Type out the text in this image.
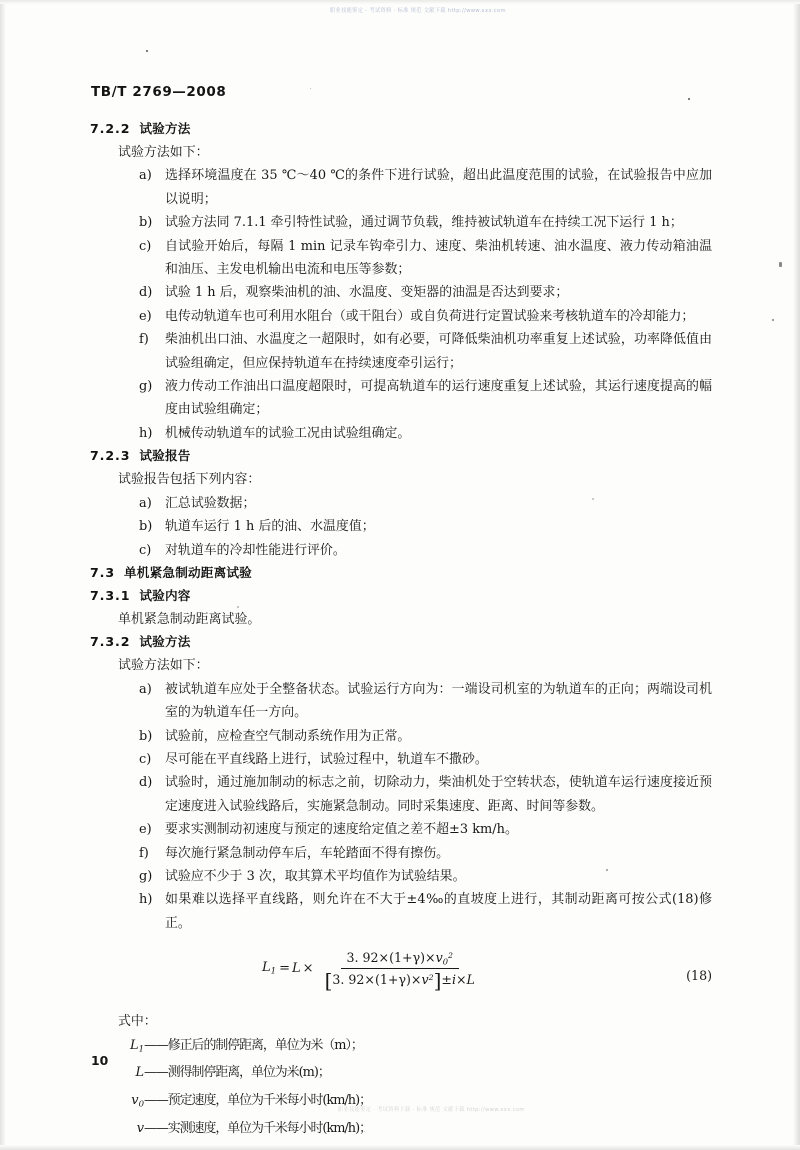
职业技能鉴定 - 考试资料 · 标准 规范 文献下载 http://www.xxx.com
职业技能鉴定 · 考试资料下载 · 标准 规范 文献下载 http://www.xxx.com
TB/T 2769—2008
7.2.2 试验方法

试验方法如下：

a) 选择环境温度在 35 ℃～40 ℃的条件下进行试验，超出此温度范围的试验，在试验报告中应加以说明；
b) 试验方法同 7.1.1 牵引特性试验，通过调节负载，维持被试轨道车在持续工况下运行 1 h；
c) 自试验开始后，每隔 1 min 记录车钩牵引力、速度、柴油机转速、油水温度、液力传动箱油温和油压、主发电机输出电流和电压等参数；
d) 试验 1 h 后，观察柴油机的油、水温度、变矩器的油温是否达到要求；
e) 电传动轨道车也可利用水阻台（或干阻台）或自负荷进行定置试验来考核轨道车的冷却能力；
f) 柴油机出口油、水温度之一超限时，如有必要，可降低柴油机功率重复上述试验，功率降低值由试验组确定，但应保持轨道车在持续速度牵引运行；
g) 液力传动工作油出口温度超限时，可提高轨道车的运行速度重复上述试验，其运行速度提高的幅度由试验组确定；
h) 机械传动轨道车的试验工况由试验组确定。
7.2.3 试验报告

试验报告包括下列内容：

a) 汇总试验数据；
b) 轨道车运行 1 h 后的油、水温度值；
c) 对轨道车的冷却性能进行评价。
7.3 单机紧急制动距离试验
7.3.1 试验内容

单机紧急制动距离试验。

7.3.2 试验方法

试验方法如下：

a) 被试轨道车应处于全整备状态。试验运行方向为：一端设司机室的为轨道车的正向；两端设司机室的为轨道车任一方向。
b) 试验前，应检查空气制动系统作用为正常。
c) 尽可能在平直线路上进行，试验过程中，轨道车不撒砂。
d) 试验时，通过施加制动的标志之前，切除动力，柴油机处于空转状态，使轨道车运行速度接近预定速度进入试验线路后，实施紧急制动。同时采集速度、距离、时间等参数。
e) 要求实测制动初速度与预定的速度给定值之差不超±3 km/h。
f) 每次施行紧急制动停车后，车轮踏面不得有擦伤。
g) 试验应不少于 3 次，取其算术平均值作为试验结果。
h) 如果难以选择平直线路，则允许在不大于±4‰的直坡度上进行，其制动距离可按公式(18)修正。
$L_1 = L \times \frac{3. 92\times(1+\gamma)\times v_0^2}{[3. 92\times(1+\gamma)\times v^2]\pm i\times L}$	(18)
式中：
$L_1——$修正后的制停距离，单位为米（m）；
L——测得制停距离，单位为米(m)；
$v_0——$预定速度，单位为千米每小时(km/h)；
v——实测速度，单位为千米每小时(km/h)；
10
